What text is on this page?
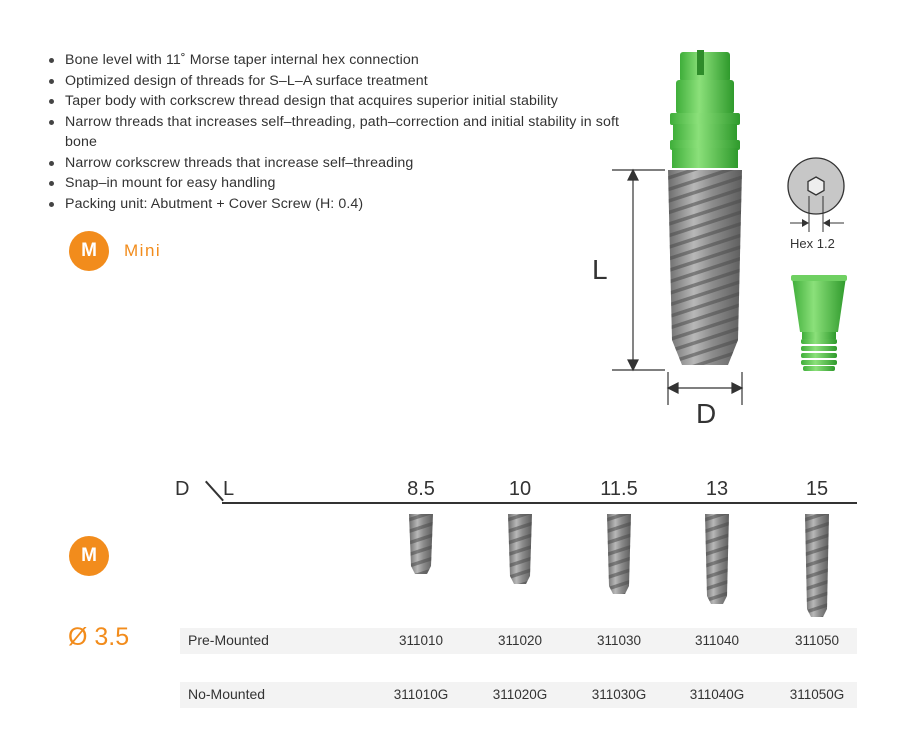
Bone level with 11˚ Morse taper internal hex connection
Optimized design of threads for S–L–A surface treatment
Taper body with corkscrew thread design that acquires superior initial stability
Narrow threads that increases self–threading, path–correction and initial stability in soft bone
Narrow corkscrew threads that increase self–threading
Snap–in mount for easy handling
Packing unit: Abutment + Cover Screw (H: 0.4)
M	Mini
L
D
Hex 1.2
D L	8.5	10	11.5	13	15
M
Ø 3.5	Pre-Mounted	311010	311020	311030	311040	311050
No-Mounted	311010G	311020G	311030G	311040G	311050G
